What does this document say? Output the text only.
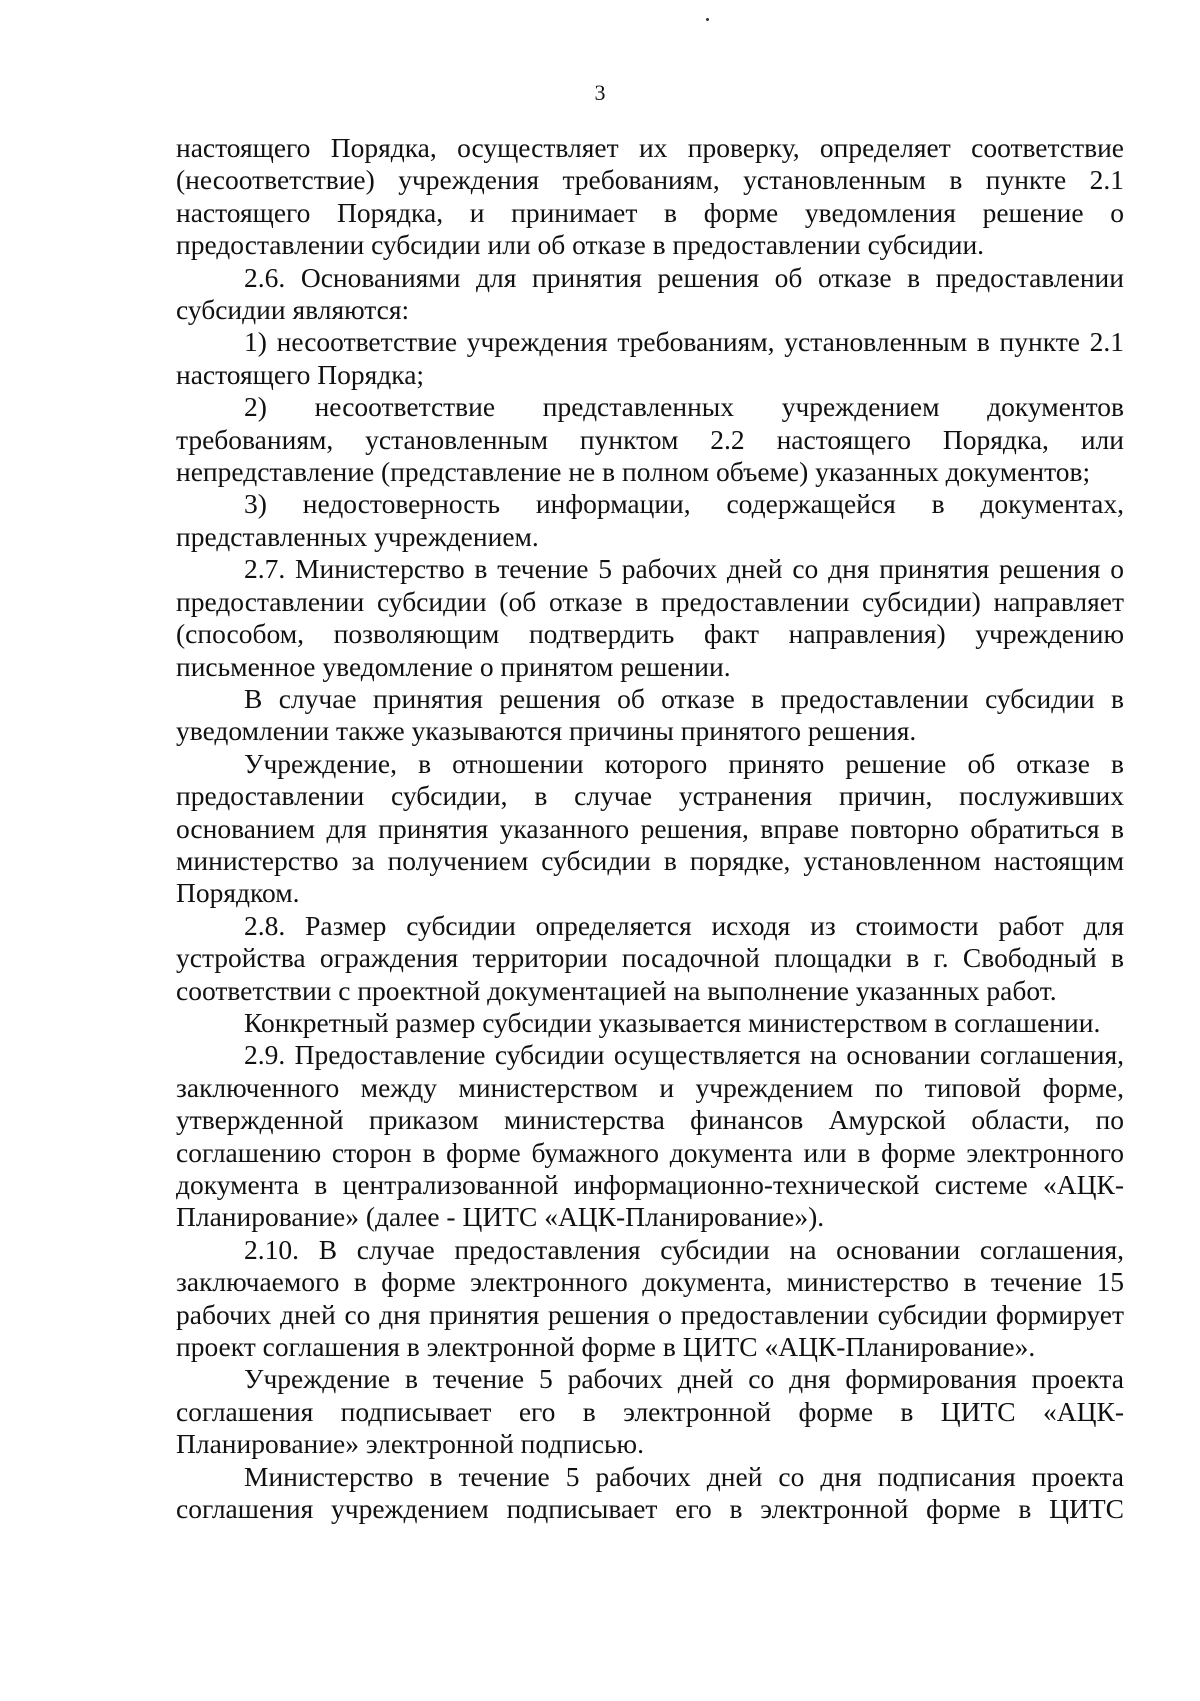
3

настоящего Порядка, осуществляет их проверку, определяет соответствие (несоответствие) учреждения требованиям, установленным в пункте 2.1 настоящего Порядка, и принимает в форме уведомления решение о предоставлении субсидии или об отказе в предоставлении субсидии.

2.6. Основаниями для принятия решения об отказе в предоставлении субсидии являются:

1) несоответствие учреждения требованиям, установленным в пункте 2.1 настоящего Порядка;

2) несоответствие представленных учреждением документов требованиям, установленным пунктом 2.2 настоящего Порядка, или непредставление (представление не в полном объеме) указанных документов;

3) недостоверность информации, содержащейся в документах, представленных учреждением.

2.7. Министерство в течение 5 рабочих дней со дня принятия решения о предоставлении субсидии (об отказе в предоставлении субсидии) направляет (способом, позволяющим подтвердить факт направления) учреждению письменное уведомление о принятом решении.

В случае принятия решения об отказе в предоставлении субсидии в уведомлении также указываются причины принятого решения.

Учреждение, в отношении которого принято решение об отказе в предоставлении субсидии, в случае устранения причин, послуживших основанием для принятия указанного решения, вправе повторно обратиться в министерство за получением субсидии в порядке, установленном настоящим Порядком.

2.8. Размер субсидии определяется исходя из стоимости работ для устройства ограждения территории посадочной площадки в г. Свободный в соответствии с проектной документацией на выполнение указанных работ.

Конкретный размер субсидии указывается министерством в соглашении.

2.9. Предоставление субсидии осуществляется на основании соглашения, заключенного между министерством и учреждением по типовой форме, утвержденной приказом министерства финансов Амурской области, по соглашению сторон в форме бумажного документа или в форме электронного документа в централизованной информационно-технической системе «АЦК-Планирование» (далее - ЦИТС «АЦК-Планирование»).

2.10. В случае предоставления субсидии на основании соглашения, заключаемого в форме электронного документа, министерство в течение 15 рабочих дней со дня принятия решения о предоставлении субсидии формирует проект соглашения в электронной форме в ЦИТС «АЦК-Планирование».

Учреждение в течение 5 рабочих дней со дня формирования проекта соглашения подписывает его в электронной форме в ЦИТС «АЦК-Планирование» электронной подписью.

Министерство в течение 5 рабочих дней со дня подписания проекта соглашения учреждением подписывает его в электронной форме в ЦИТС
